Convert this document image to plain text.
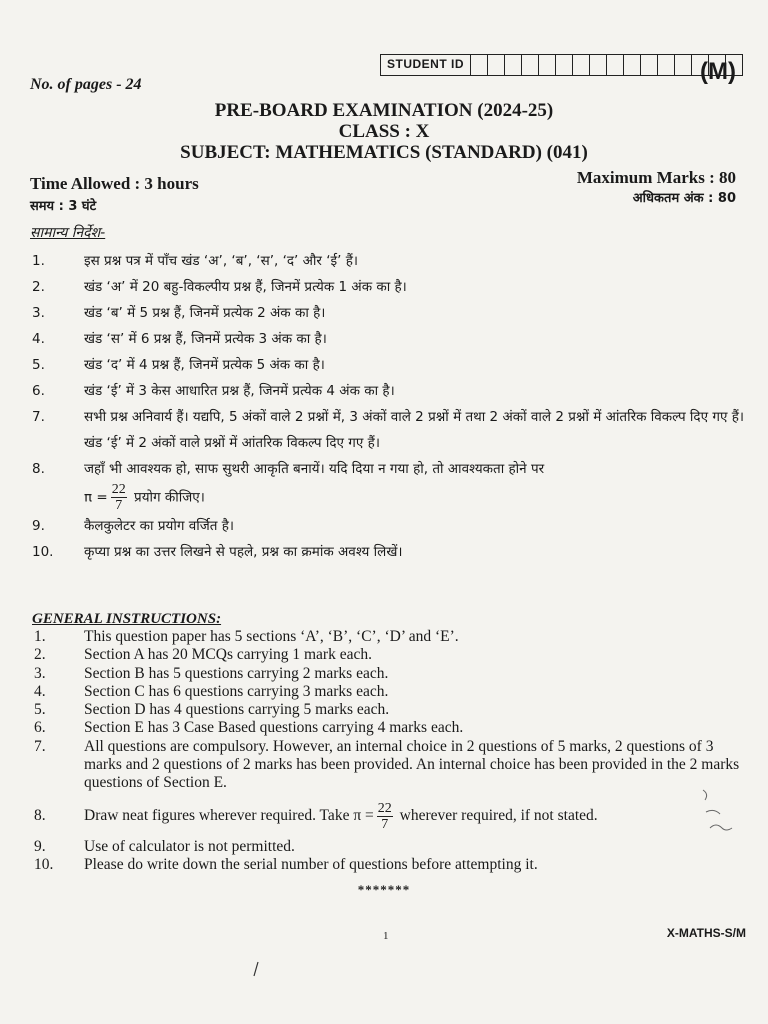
STUDENT ID	(M)
No. of pages - 24
PRE-BOARD EXAMINATION (2024-25)
CLASS : X
SUBJECT: MATHEMATICS (STANDARD) (041)
Time Allowed : 3 hours
समय : 3 घंटे
Maximum Marks : 80
अधिकतम अंक : 80
सामान्य निर्देश-
1.	इस प्रश्न पत्र में पाँच खंड ‘अ’, ‘ब’, ‘स’, ‘द’ और ‘ई’ हैं।
2.	खंड ‘अ’ में 20 बहु-विकल्पीय प्रश्न हैं, जिनमें प्रत्येक 1 अंक का है।
3.	खंड ‘ब’ में 5 प्रश्न हैं, जिनमें प्रत्येक 2 अंक का है।
4.	खंड ‘स’ में 6 प्रश्न हैं, जिनमें प्रत्येक 3 अंक का है।
5.	खंड ‘द’ में 4 प्रश्न हैं, जिनमें प्रत्येक 5 अंक का है।
6.	खंड ‘ई’ में 3 केस आधारित प्रश्न हैं, जिनमें प्रत्येक 4 अंक का है।
7.	सभी प्रश्न अनिवार्य हैं। यद्यपि, 5 अंकों वाले 2 प्रश्नों में, 3 अंकों वाले 2 प्रश्नों में तथा 2 अंकों वाले 2 प्रश्नों में आंतरिक विकल्प दिए गए हैं। खंड ‘ई’ में 2 अंकों वाले प्रश्नों में आंतरिक विकल्प दिए गए हैं।
8.	जहाँ भी आवश्यक हो, साफ सुथरी आकृति बनायें। यदि दिया न गया हो, तो आवश्यकता होने पर
$\pi = \frac{22}{7}$ प्रयोग कीजिए।
9.	कैलकुलेटर का प्रयोग वर्जित है।
10.	कृप्या प्रश्न का उत्तर लिखने से पहले, प्रश्न का क्रमांक अवश्य लिखें।
GENERAL INSTRUCTIONS:
1.	This question paper has 5 sections ‘A’, ‘B’, ‘C’, ‘D’ and ‘E’.
2.	Section A has 20 MCQs carrying 1 mark each.
3.	Section B has 5 questions carrying 2 marks each.
4.	Section C has 6 questions carrying 3 marks each.
5.	Section D has 4 questions carrying 5 marks each.
6.	Section E has 3 Case Based questions carrying 4 marks each.
7.	All questions are compulsory. However, an internal choice in 2 questions of 5 marks, 2 questions of 3 marks and 2 questions of 2 marks has been provided. An internal choice has been provided in the 2 marks questions of Section E.
8.	Draw neat figures wherever required. Take $\pi = \frac{22}{7}$ wherever required, if not stated.
9.	Use of calculator is not permitted.
10.	Please do write down the serial number of questions before attempting it.
*******
1	X-MATHS-S/M
